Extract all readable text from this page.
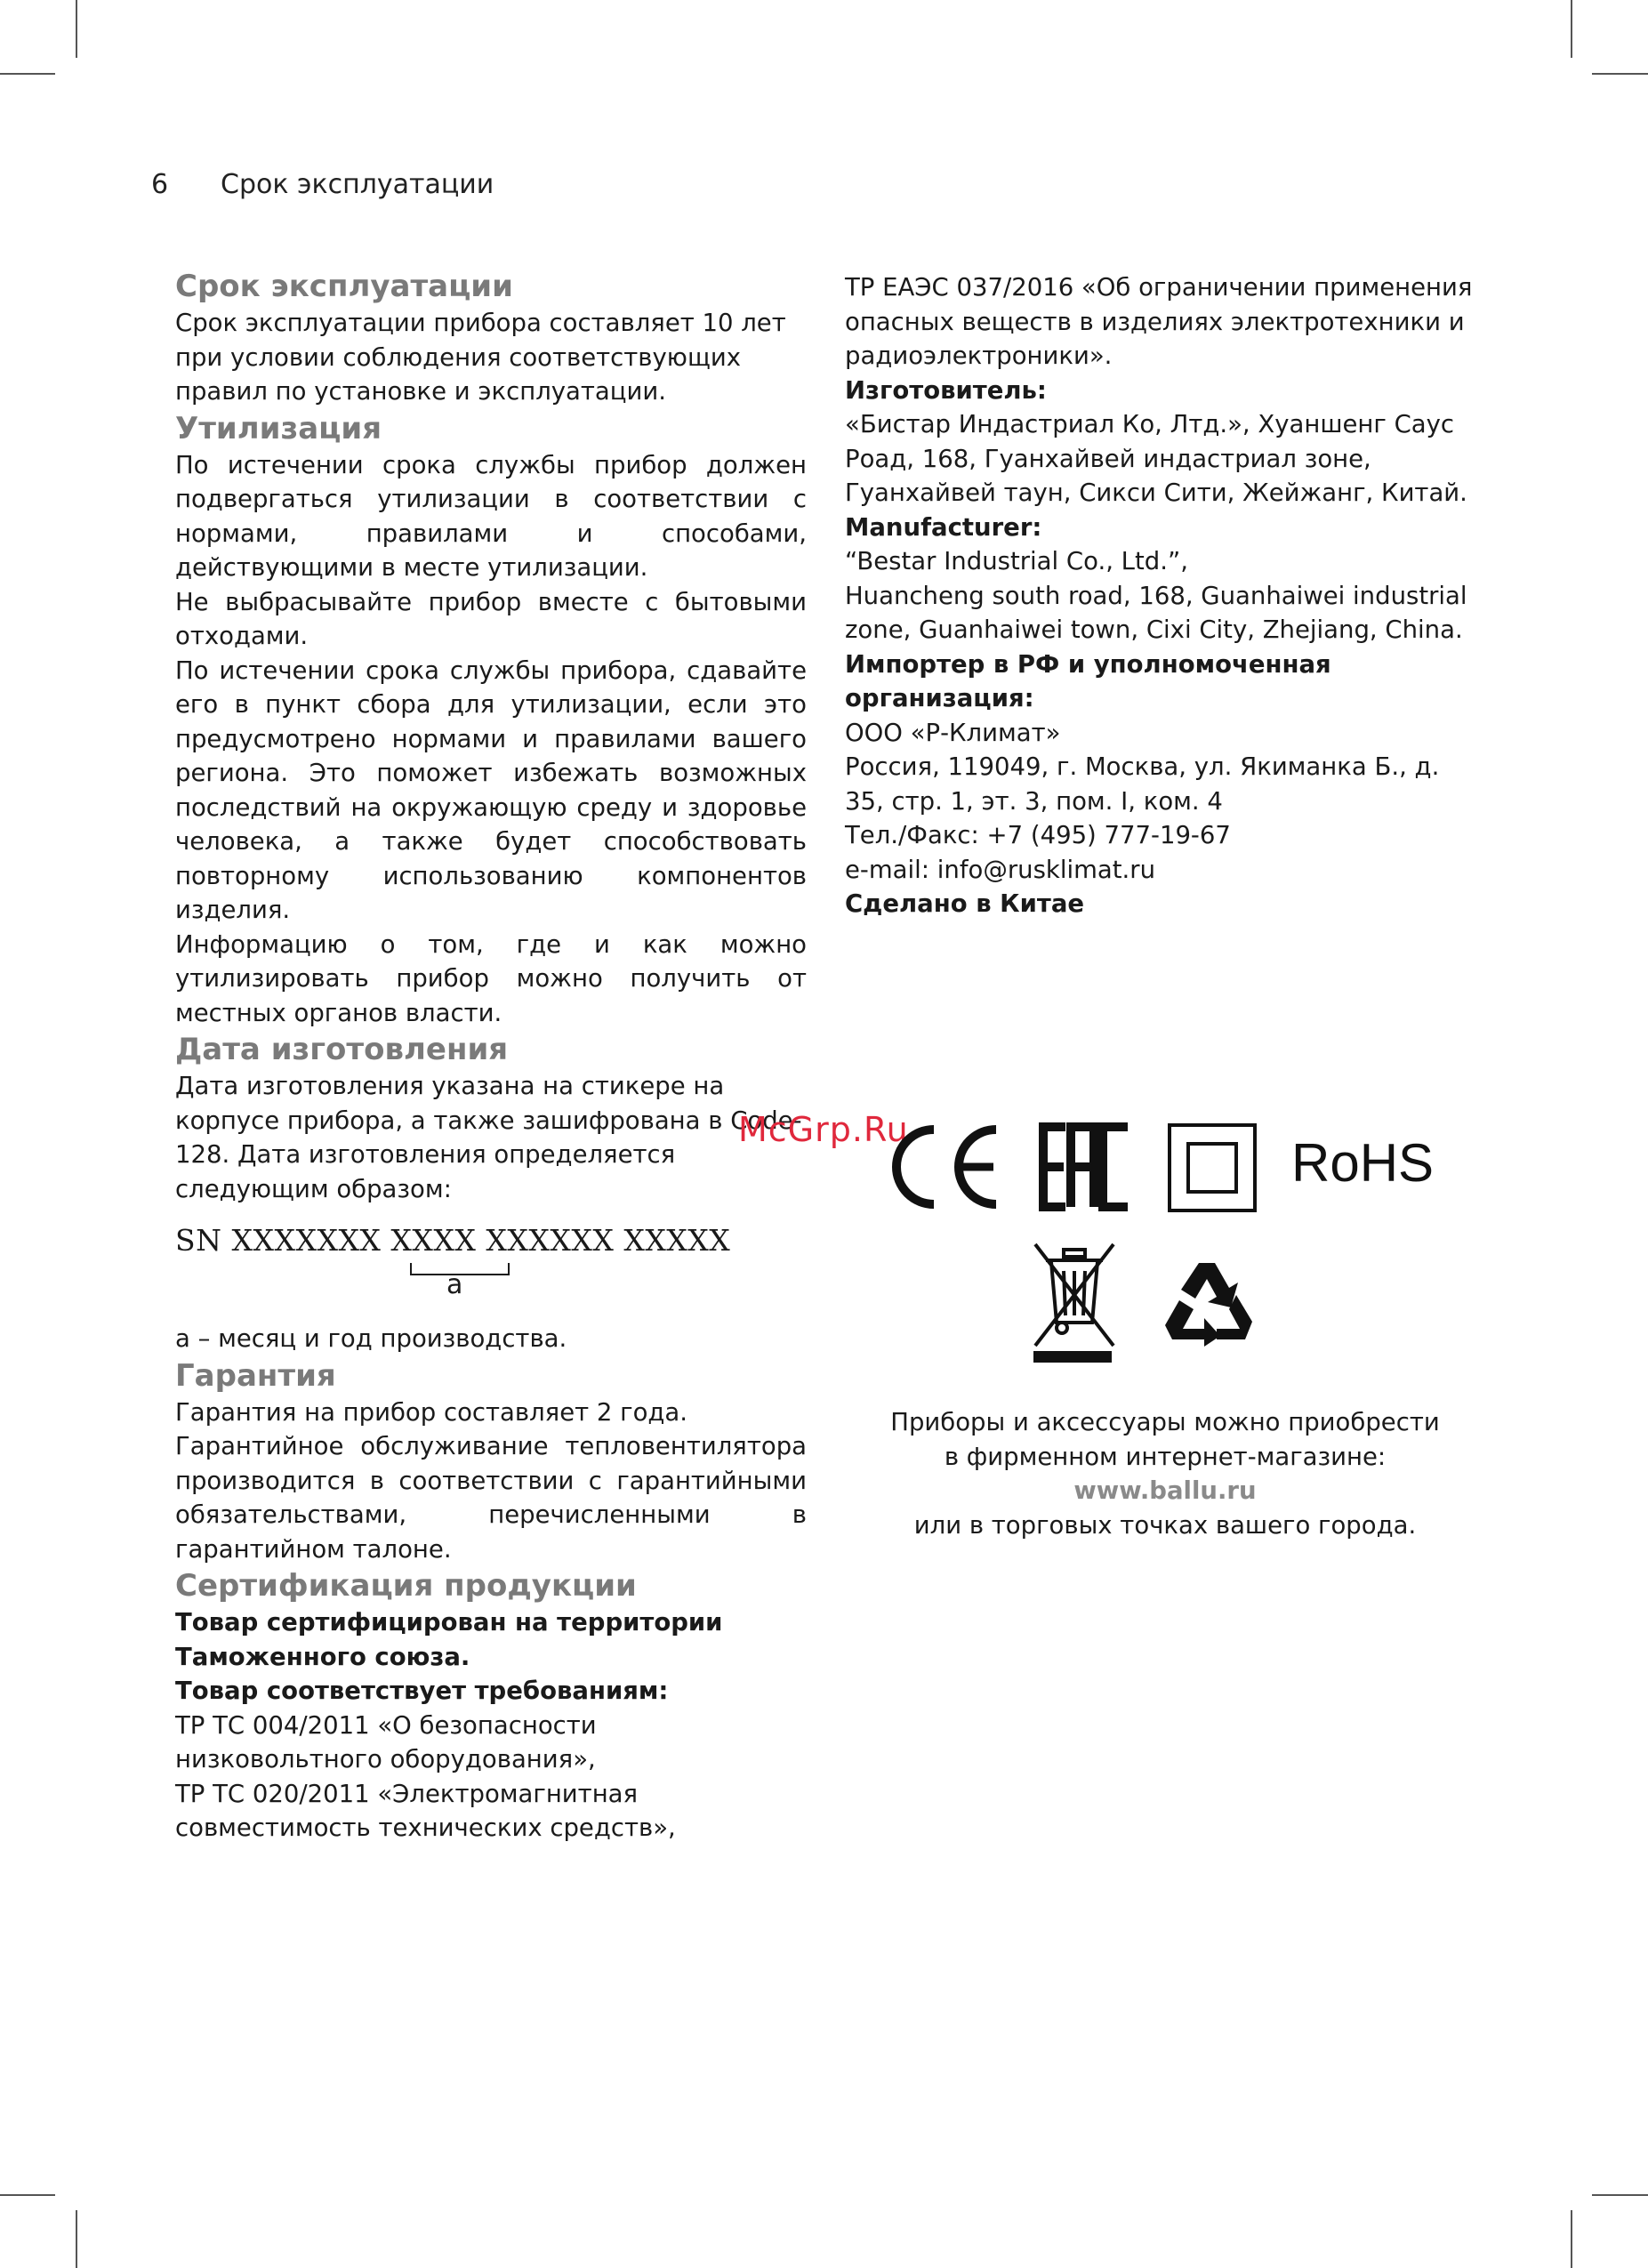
6 Срок эксплуатации

Срок эксплуатации

Срок эксплуатации прибора составляет 10 лет при условии соблюдения соответствующих правил по установке и эксплуатации.

Утилизация

По истечении срока службы прибор должен подвергаться утилизации в соответствии с нормами, правилами и способами, действующими в месте утилизации.

Не выбрасывайте прибор вместе с бытовыми отходами.

По истечении срока службы прибора, сдавайте его в пункт сбора для утилизации, если это предусмотрено нормами и правилами вашего региона. Это поможет избежать возможных последствий на окружающую среду и здоровье человека, а также будет способствовать повторному использованию компонентов изделия.

Информацию о том, где и как можно утилизировать прибор можно получить от местных органов власти.

Дата изготовления

Дата изготовления указана на стикере на корпусе прибора, а также зашифрована в Code-128. Дата изготовления определяется следующим образом:

SN XXXXXXX XXXX XXXXXX XXXXX
a

a – месяц и год производства.

Гарантия

Гарантия на прибор составляет 2 года.

Гарантийное обслуживание тепловентилятора производится в соответствии с гарантийными обязательствами, перечисленными в гарантийном талоне.

Сертификация продукции

Товар сертифицирован на территории

Таможенного союза.

Товар соответствует требованиям:

ТР ТС 004/2011 «О безопасности низковольтного оборудования»,

ТР ТС 020/2011 «Электромагнитная совместимость технических средств»,

ТР ЕАЭС 037/2016 «Об ограничении применения опасных веществ в изделиях электротехники и радиоэлектроники».

Изготовитель:

«Бистар Индастриал Ко, Лтд.», Хуаншенг Саус Роад, 168, Гуанхайвей индастриал зоне, Гуанхайвей таун, Сикси Сити, Жейжанг, Китай.

Manufacturer:

“Bestar Industrial Co., Ltd.”,

Huancheng south road, 168, Guanhaiwei industrial zone, Guanhaiwei town, Cixi City, Zhejiang, China.

Импортер в РФ и уполномоченная организация:

ООО «Р-Климат»

Россия, 119049, г. Москва, ул. Якиманка Б., д. 35, стр. 1, эт. 3, пом. I, ком. 4

Тел./Факс: +7 (495) 777-19-67

e-mail: info@rusklimat.ru

Сделано в Китае

McGrp.Ru
RoHS
Приборы и аксессуары можно приобрести
в фирменном интернет-магазине:
www.ballu.ru
или в торговых точках вашего города.
